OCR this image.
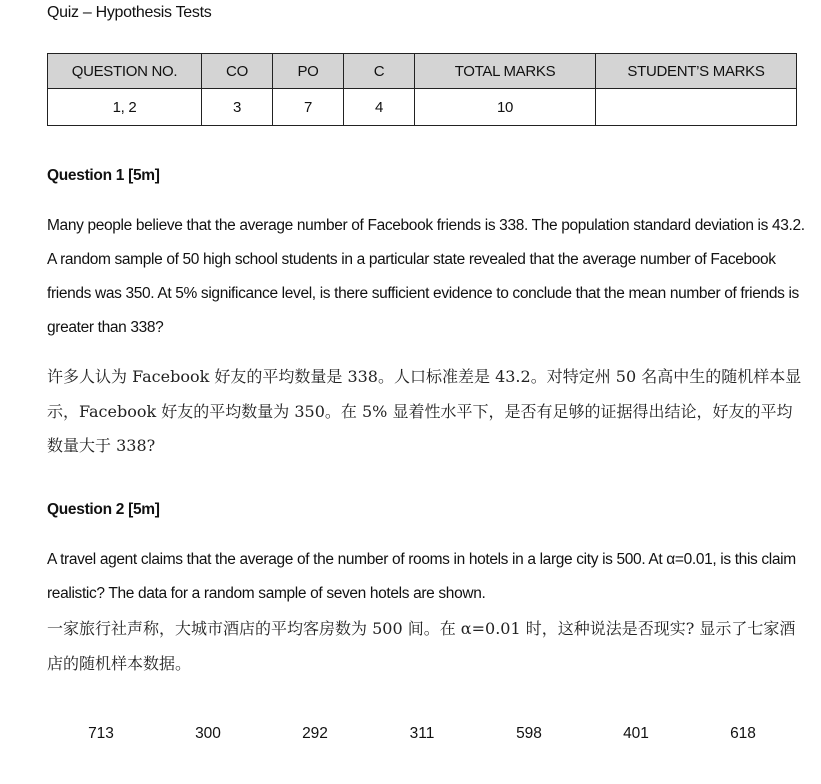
Quiz – Hypothesis Tests
QUESTION NO.	CO	PO	C	TOTAL MARKS	STUDENT’S MARKS
1, 2	3	7	4	10	
Question 1 [5m]
Many people believe that the average number of Facebook friends is 338. The population standard deviation is 43.2. A random sample of 50 high school students in a particular state revealed that the average number of Facebook friends was 350. At 5% significance level, is there sufficient evidence to conclude that the mean number of friends is greater than 338?
许多人认为 Facebook 好友的平均数量是 338。人口标准差是 43.2。对特定州 50 名高中生的随机样本显示，Facebook 好友的平均数量为 350。在 5% 显着性水平下，是否有足够的证据得出结论，好友的平均数量大于 338?
Question 2 [5m]
A travel agent claims that the average of the number of rooms in hotels in a large city is 500. At α=0.01, is this claim realistic? The data for a random sample of seven hotels are shown.
一家旅行社声称，大城市酒店的平均客房数为 500 间。在 α=0.01 时，这种说法是否现实? 显示了七家酒店的随机样本数据。
713	300	292	311	598	401	618
